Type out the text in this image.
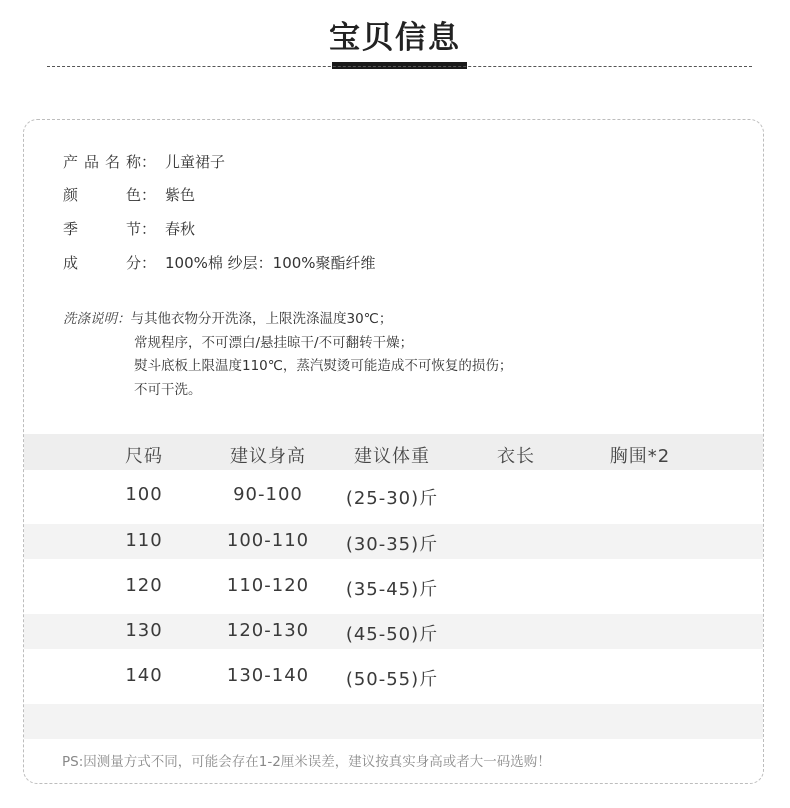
宝贝信息
产品名称： 儿童裙子
颜色： 紫色
季节： 春秋
成分： 100%棉 纱层：100%聚酯纤维
洗涤说明：与其他衣物分开洗涤，上限洗涤温度30℃；
常规程序，不可漂白/悬挂晾干/不可翻转干燥；
熨斗底板上限温度110℃，蒸汽熨烫可能造成不可恢复的损伤；
不可干洗。
尺码	建议身高	建议体重	衣长	胸围*2
100	90-100	(25-30)斤
110	100-110	(30-35)斤
120	110-120	(35-45)斤
130	120-130	(45-50)斤
140	130-140	(50-55)斤
PS:因测量方式不同，可能会存在1-2厘米误差，建议按真实身高或者大一码选购！
